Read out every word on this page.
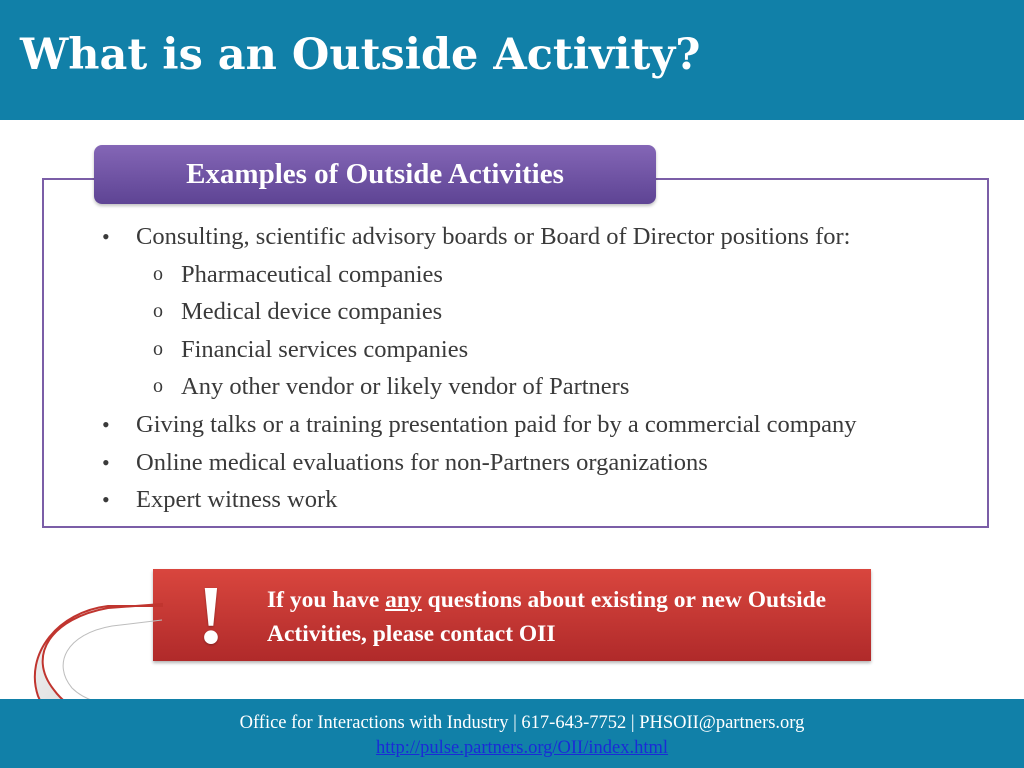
What is an Outside Activity?
Examples of Outside Activities
• Consulting, scientific advisory boards or Board of Director positions for:
o Pharmaceutical companies
o Medical device companies
o Financial services companies
o Any other vendor or likely vendor of Partners
• Giving talks or a training presentation paid for by a commercial company
• Online medical evaluations for non-Partners organizations
• Expert witness work
! If you have any questions about existing or new Outside Activities, please contact OII
Office for Interactions with Industry | 617-643-7752 | PHSOII@partners.org
http://pulse.partners.org/OII/index.html
